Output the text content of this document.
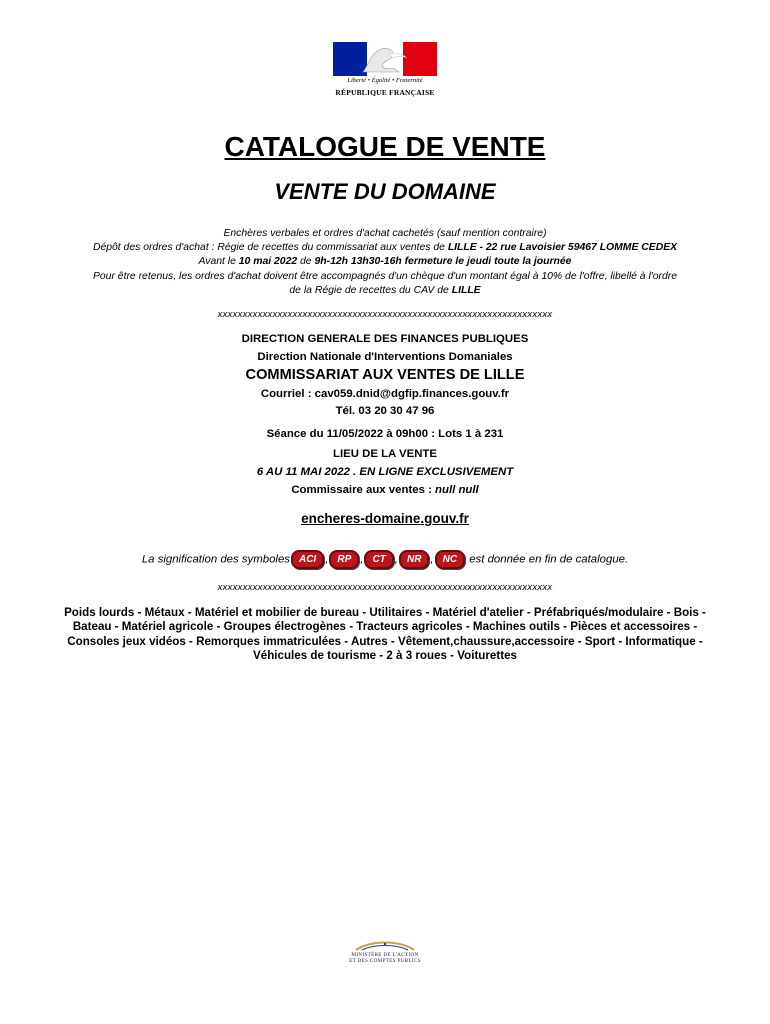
Liberté • Égalité • Fraternité
RÉPUBLIQUE FRANÇAISE
CATALOGUE DE VENTE
VENTE DU DOMAINE
Enchères verbales et ordres d'achat cachetés (sauf mention contraire)
Dépôt des ordres d'achat : Régie de recettes du commissariat aux ventes de LILLE - 22 rue Lavoisier 59467 LOMME CEDEX
Avant le 10 mai 2022 de 9h-12h 13h30-16h fermeture le jeudi toute la journée
Pour être retenus, les ordres d'achat doivent être accompagnés d'un chèque d'un montant égal à 10% de l'offre, libellé à l'ordre
de la Régie de recettes du CAV de LILLE
xxxxxxxxxxxxxxxxxxxxxxxxxxxxxxxxxxxxxxxxxxxxxxxxxxxxxxxxxxxxxxxxxxx
DIRECTION GENERALE DES FINANCES PUBLIQUES
Direction Nationale d'Interventions Domaniales
COMMISSARIAT AUX VENTES DE LILLE
Courriel : cav059.dnid@dgfip.finances.gouv.fr
Tél. 03 20 30 47 96
Séance du 11/05/2022 à 09h00 : Lots 1 à 231
LIEU DE LA VENTE
6 AU 11 MAI 2022 . EN LIGNE EXCLUSIVEMENT
Commissaire aux ventes : null null
encheres-domaine.gouv.fr
La signification des symboles ACI , RP , CT , NR , NC est donnée en fin de catalogue.
xxxxxxxxxxxxxxxxxxxxxxxxxxxxxxxxxxxxxxxxxxxxxxxxxxxxxxxxxxxxxxxxxxx
Poids lourds - Métaux - Matériel et mobilier de bureau - Utilitaires - Matériel d'atelier - Préfabriqués/modulaire - Bois - Bateau - Matériel agricole - Groupes électrogènes - Tracteurs agricoles - Machines outils - Pièces et accessoires - Consoles jeux vidéos - Remorques immatriculées - Autres - Vêtement,chaussure,accessoire - Sport - Informatique - Véhicules de tourisme - 2 à 3 roues - Voiturettes
MINISTÈRE DE L'ACTION
ET DES COMPTES PUBLICS
